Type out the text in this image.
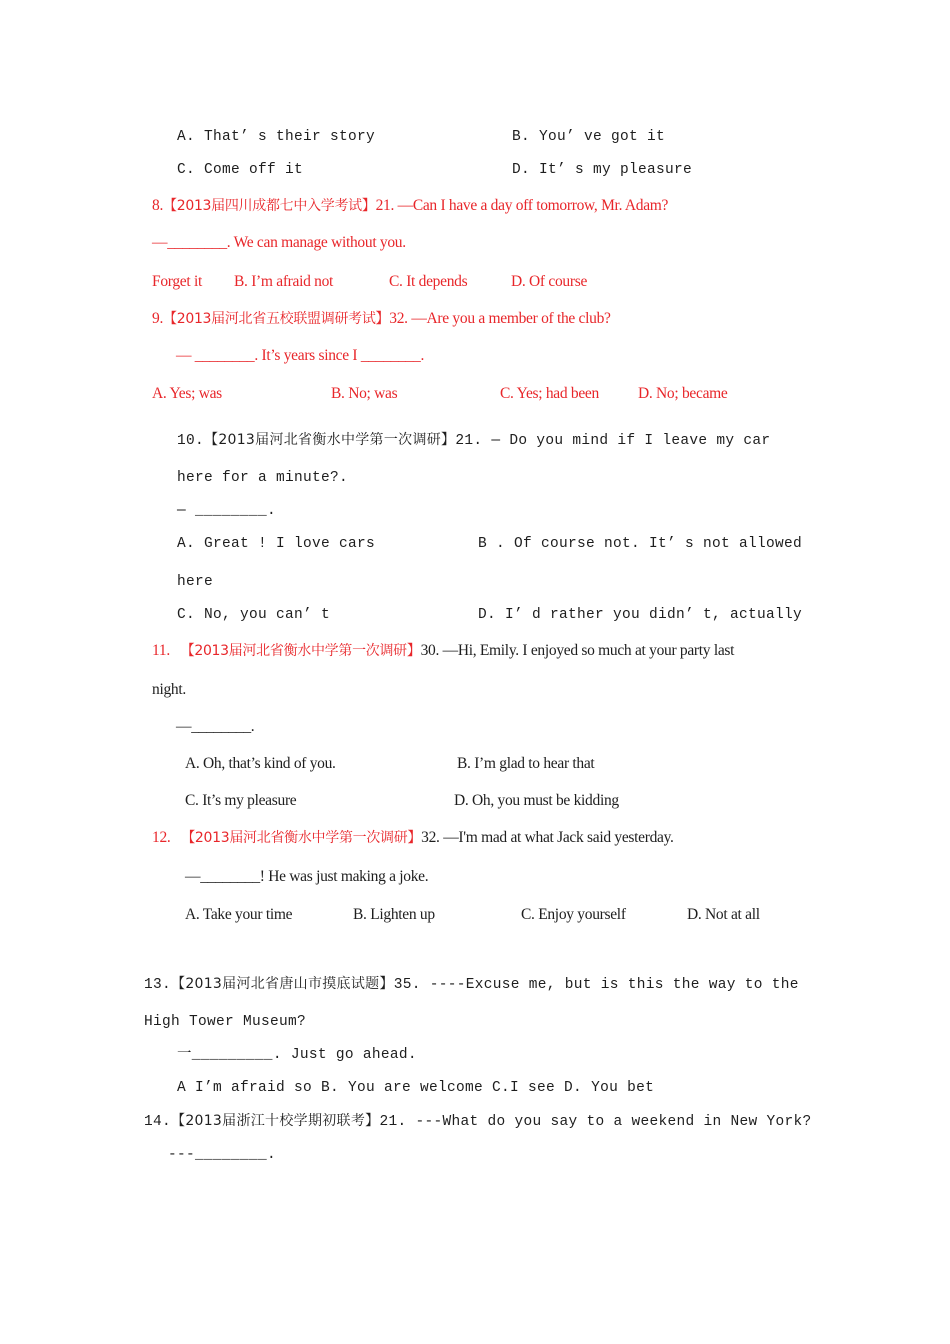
A. That’ s their story	B. You’ ve got it
C. Come off it	D. It’ s my pleasure
8.【2013届四川成都七中入学考试】21. —Can I have a day off tomorrow, Mr. Adam?
—________. We can manage without you.
Forget it B. I’m afraid not	C. It depends	D. Of course
9.【2013届河北省五校联盟调研考试】32. —Are you a member of the club?
— ________. It’s years since I ________.
A. Yes; was	B. No; was	C. Yes; had been	D. No; became
10.【2013届河北省衡水中学第一次调研】21. — Do you mind if I leave my car
here for a minute?.
— ________.
A. Great ! I love cars	B . Of course not. It’ s not allowed
here
C. No, you can’ t	D. I’ d rather you didn’ t, actually
11. 【2013届河北省衡水中学第一次调研】30. —Hi, Emily. I enjoyed so much at your party last
night.
—________.
A. Oh, that’s kind of you.	B. I’m glad to hear that
C. It’s my pleasure	D. Oh, you must be kidding
12. 【2013届河北省衡水中学第一次调研】32. —I'm mad at what Jack said yesterday.
—________! He was just making a joke.
A. Take your time	B. Lighten up	C. Enjoy yourself	D. Not at all
13.【2013届河北省唐山市摸底试题】35. ----Excuse me, but is this the way to the
High Tower Museum?
一_________. Just go ahead.
A I’m afraid so B. You are welcome C.I see D. You bet
14.【2013届浙江十校学期初联考】21. ---What do you say to a weekend in New York?
---________.
